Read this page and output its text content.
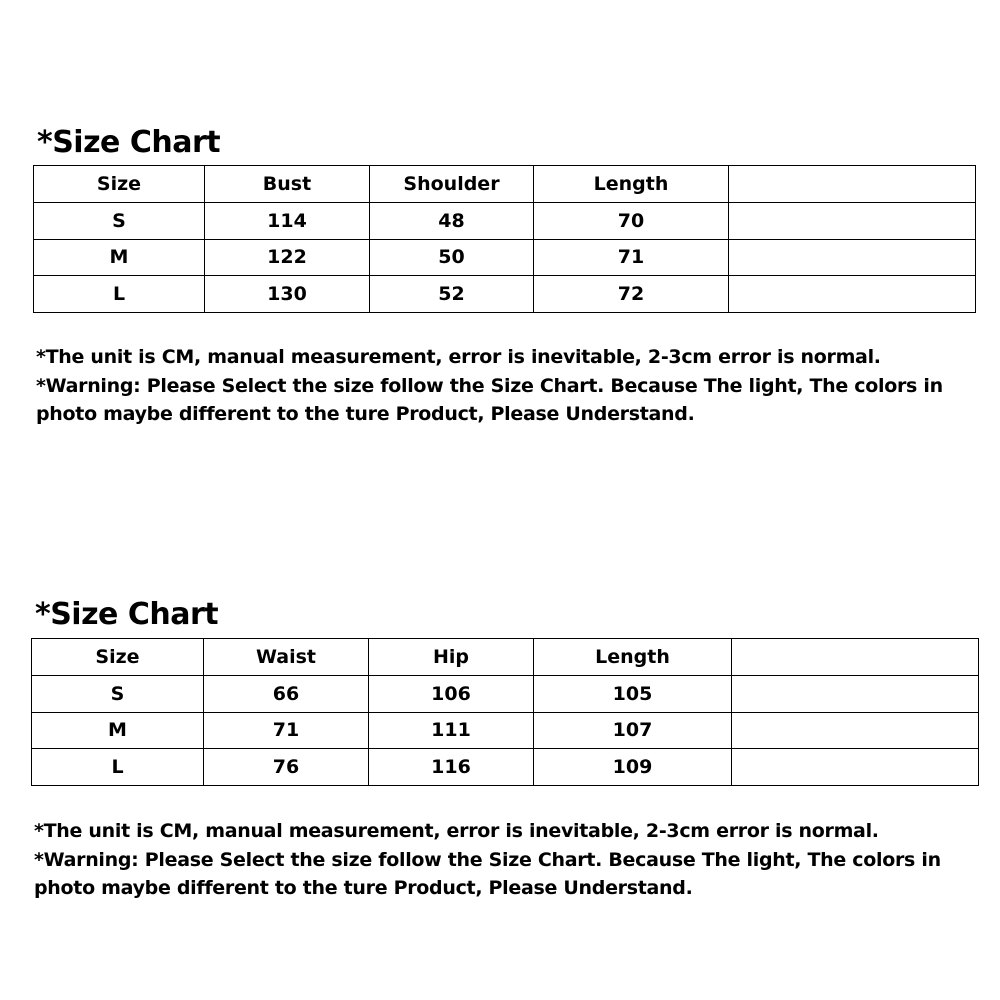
*Size Chart
Size	Bust	Shoulder	Length	
S	114	48	70	
M	122	50	71	
L	130	52	72	

*The unit is CM, manual measurement, error is inevitable, 2-3cm error is normal.

*Warning: Please Select the size follow the Size Chart. Because The light, The colors in

photo maybe different to the ture Product, Please Understand.

*Size Chart
Size	Waist	Hip	Length	
S	66	106	105	
M	71	111	107	
L	76	116	109	

*The unit is CM, manual measurement, error is inevitable, 2-3cm error is normal.

*Warning: Please Select the size follow the Size Chart. Because The light, The colors in

photo maybe different to the ture Product, Please Understand.
